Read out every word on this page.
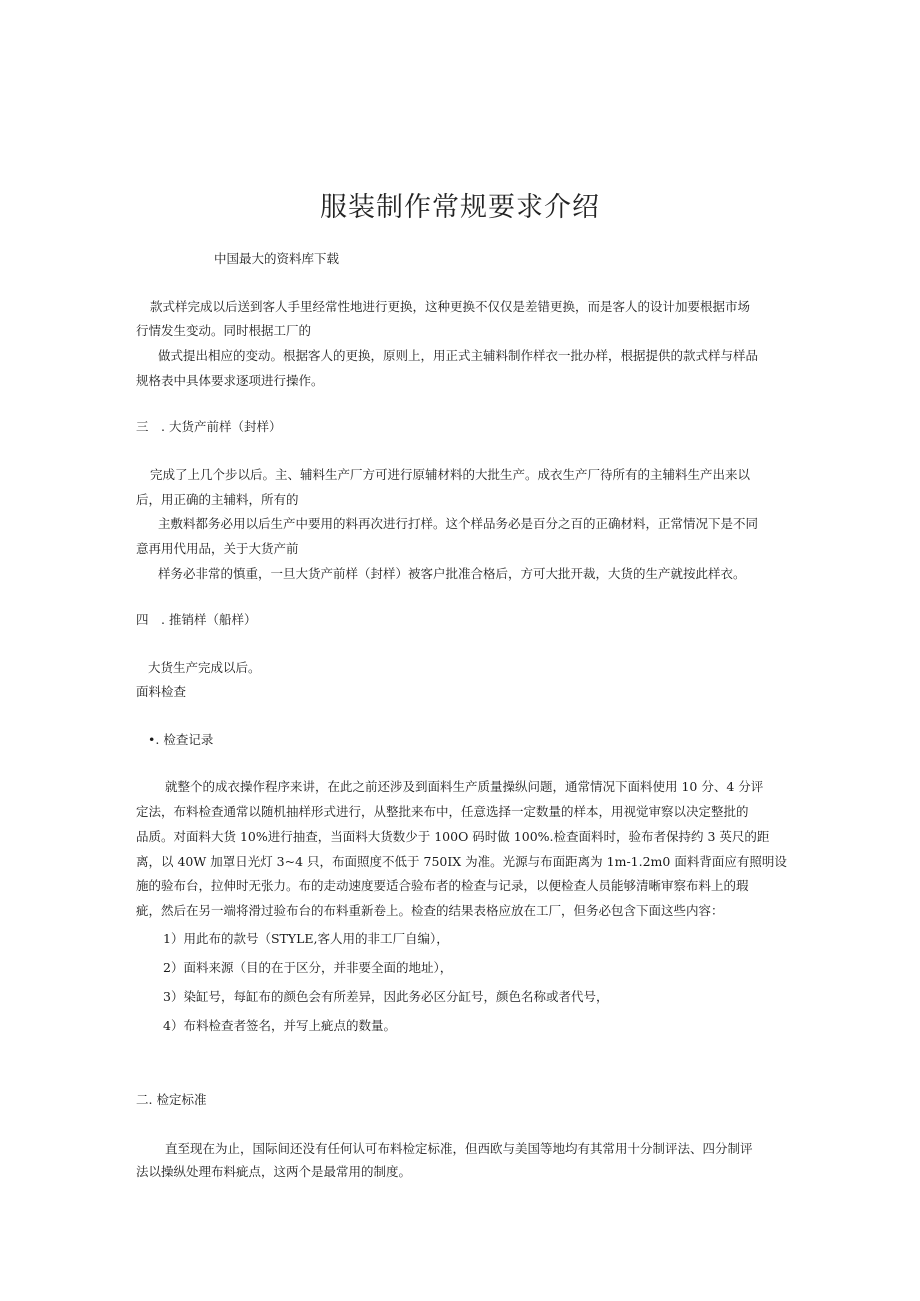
服装制作常规要求介绍
中国最大的资料库下载
款式样完成以后送到客人手里经常性地进行更换，这种更换不仅仅是差错更换，而是客人的设计加要根据市场
行情发生变动。同时根据工厂的
做式提出相应的变动。根据客人的更换，原则上，用正式主辅料制作样衣一批办样，根据提供的款式样与样品
规格表中具体要求逐项进行操作。
三　. 大货产前样（封样）
完成了上几个步以后。主、辅料生产厂方可进行原辅材料的大批生产。成衣生产厂待所有的主辅料生产出来以
后，用正确的主辅料，所有的
主敷料都务必用以后生产中要用的料再次进行打样。这个样品务必是百分之百的正确材料，正常情况下是不同
意再用代用品，关于大货产前
样务必非常的慎重，一旦大货产前样（封样）被客户批准合格后，方可大批开裁，大货的生产就按此样衣。
四　. 推销样（船样）
大货生产完成以后。
面料检查
•. 检查记录
就整个的成衣操作程序来讲，在此之前还涉及到面料生产质量操纵问题，通常情况下面料使用 10 分、4 分评
定法，布料检查通常以随机抽样形式进行，从整批来布中，任意选择一定数量的样本，用视觉审察以决定整批的
品质。对面料大货 10%进行抽查，当面料大货数少于 100O 码时做 100%.检查面料时，验布者保持约 3 英尺的距
离，以 40W 加罩日光灯 3~4 只，布面照度不低于 750IX 为准。光源与布面距离为 1m-1.2m0 面料背面应有照明设
施的验布台，拉伸时无张力。布的走动速度要适合验布者的检查与记录，以便检查人员能够清晰审察布料上的瑕
疵，然后在另一端将滑过验布台的布料重新卷上。检查的结果表格应放在工厂，但务必包含下面这些内容：
1）用此布的款号（STYLE,客人用的非工厂自编），
2）面料来源（目的在于区分，并非要全面的地址），
3）染缸号，每缸布的颜色会有所差异，因此务必区分缸号，颜色名称或者代号，
4）布料检查者签名，并写上疵点的数量。
二. 检定标准
直至现在为止，国际间还没有任何认可布料检定标准，但西欧与美国等地均有其常用十分制评法、四分制评
法以操纵处理布料疵点，这两个是最常用的制度。
